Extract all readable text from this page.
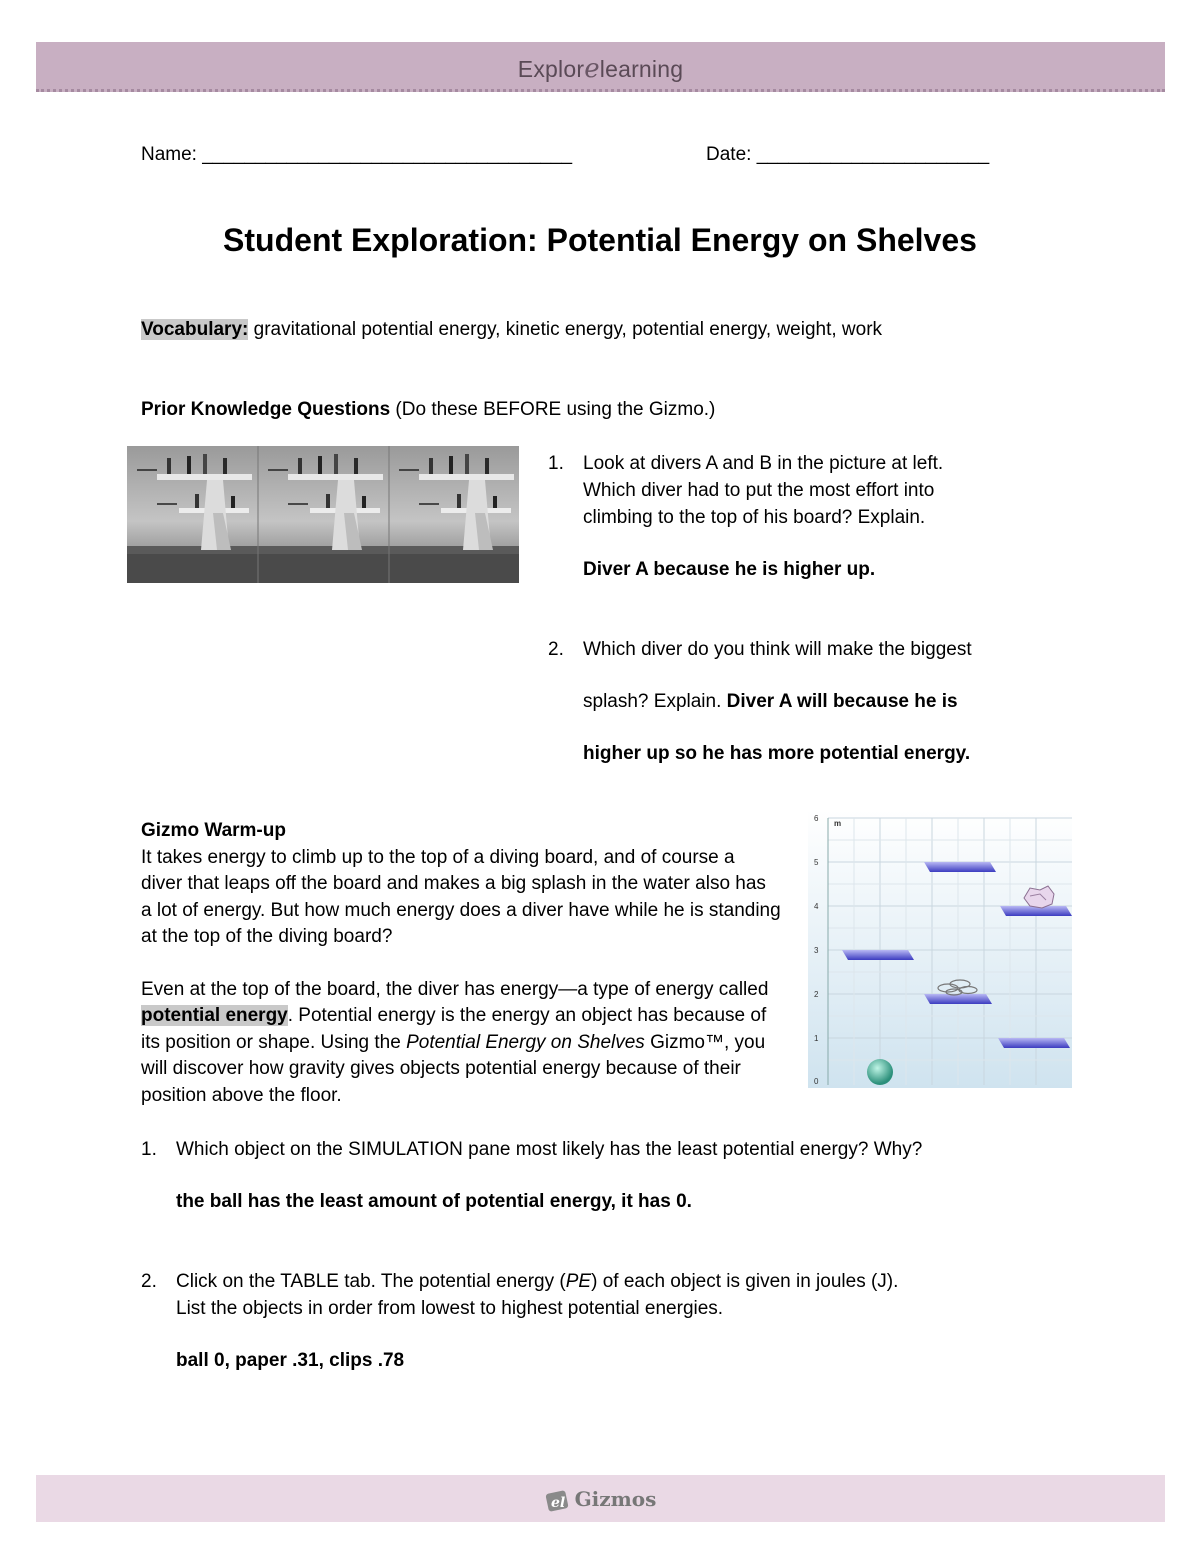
Explorelearning
Name: ___________________________________	Date: ______________________
Student Exploration: Potential Energy on Shelves
Vocabulary: gravitational potential energy, kinetic energy, potential energy, weight, work
Prior Knowledge Questions (Do these BEFORE using the Gizmo.)
1. Look at divers A and B in the picture at left.
Which diver had to put the most effort into
climbing to the top of his board? Explain.
Diver A because he is higher up.
2. Which diver do you think will make the biggest
splash? Explain. Diver A will because he is
higher up so he has more potential energy.
Gizmo Warm-up
It takes energy to climb up to the top of a diving board, and of course a diver that leaps off the board and makes a big splash in the water also has a lot of energy. But how much energy does a diver have while he is standing at the top of the diving board?
Even at the top of the board, the diver has energy—a type of energy called potential energy. Potential energy is the energy an object has because of its position or shape. Using the Potential Energy on Shelves Gizmo™, you will discover how gravity gives objects potential energy because of their position above the floor.
6
5
4
3
2
1
0
m
1. Which object on the SIMULATION pane most likely has the least potential energy? Why?
the ball has the least amount of potential energy, it has 0.
2. Click on the TABLE tab. The potential energy (PE) of each object is given in joules (J).
List the objects in order from lowest to highest potential energies.
ball 0, paper .31, clips .78
el Gizmos
